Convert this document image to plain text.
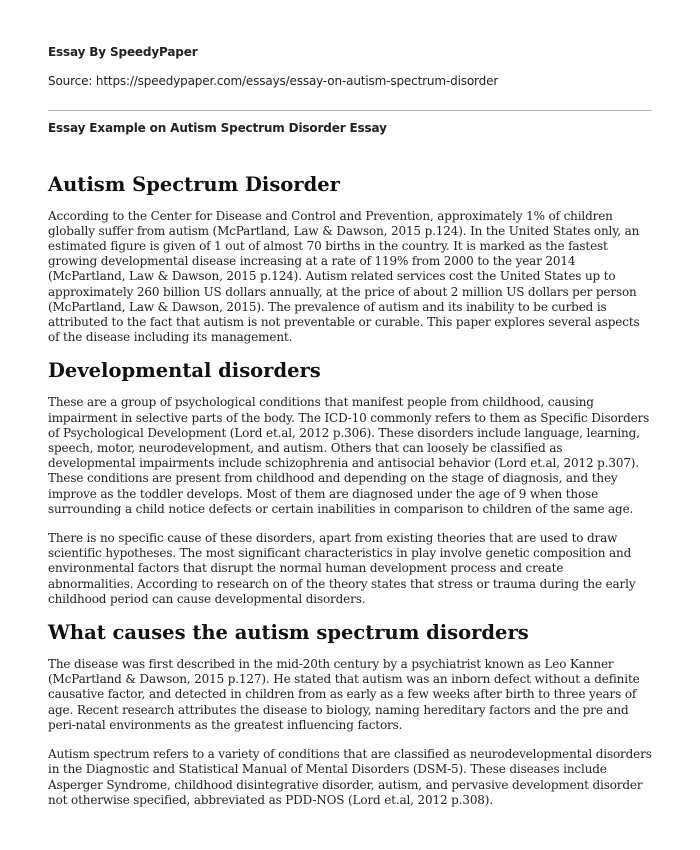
Essay By SpeedyPaper

Source: https://speedypaper.com/essays/essay-on-autism-spectrum-disorder

Essay Example on Autism Spectrum Disorder Essay

Autism Spectrum Disorder

According to the Center for Disease and Control and Prevention, approximately 1% of children globally suffer from autism (McPartland, Law & Dawson, 2015 p.124). In the United States only, an estimated figure is given of 1 out of almost 70 births in the country. It is marked as the fastest growing developmental disease increasing at a rate of 119% from 2000 to the year 2014 (McPartland, Law & Dawson, 2015 p.124). Autism related services cost the United States up to approximately 260 billion US dollars annually, at the price of about 2 million US dollars per person (McPartland, Law & Dawson, 2015). The prevalence of autism and its inability to be curbed is attributed to the fact that autism is not preventable or curable. This paper explores several aspects of the disease including its management.

Developmental disorders

These are a group of psychological conditions that manifest people from childhood, causing impairment in selective parts of the body. The ICD-10 commonly refers to them as Specific Disorders of Psychological Development (Lord et.al, 2012 p.306). These disorders include language, learning, speech, motor, neurodevelopment, and autism. Others that can loosely be classified as developmental impairments include schizophrenia and antisocial behavior (Lord et.al, 2012 p.307). These conditions are present from childhood and depending on the stage of diagnosis, and they improve as the toddler develops. Most of them are diagnosed under the age of 9 when those surrounding a child notice defects or certain inabilities in comparison to children of the same age.

There is no specific cause of these disorders, apart from existing theories that are used to draw scientific hypotheses. The most significant characteristics in play involve genetic composition and environmental factors that disrupt the normal human development process and create abnormalities. According to research on of the theory states that stress or trauma during the early childhood period can cause developmental disorders.

What causes the autism spectrum disorders

The disease was first described in the mid-20th century by a psychiatrist known as Leo Kanner (McPartland & Dawson, 2015 p.127). He stated that autism was an inborn defect without a definite causative factor, and detected in children from as early as a few weeks after birth to three years of age. Recent research attributes the disease to biology, naming hereditary factors and the pre and peri-natal environments as the greatest influencing factors.

Autism spectrum refers to a variety of conditions that are classified as neurodevelopmental disorders in the Diagnostic and Statistical Manual of Mental Disorders (DSM-5). These diseases include Asperger Syndrome, childhood disintegrative disorder, autism, and pervasive development disorder not otherwise specified, abbreviated as PDD-NOS (Lord et.al, 2012 p.308).
